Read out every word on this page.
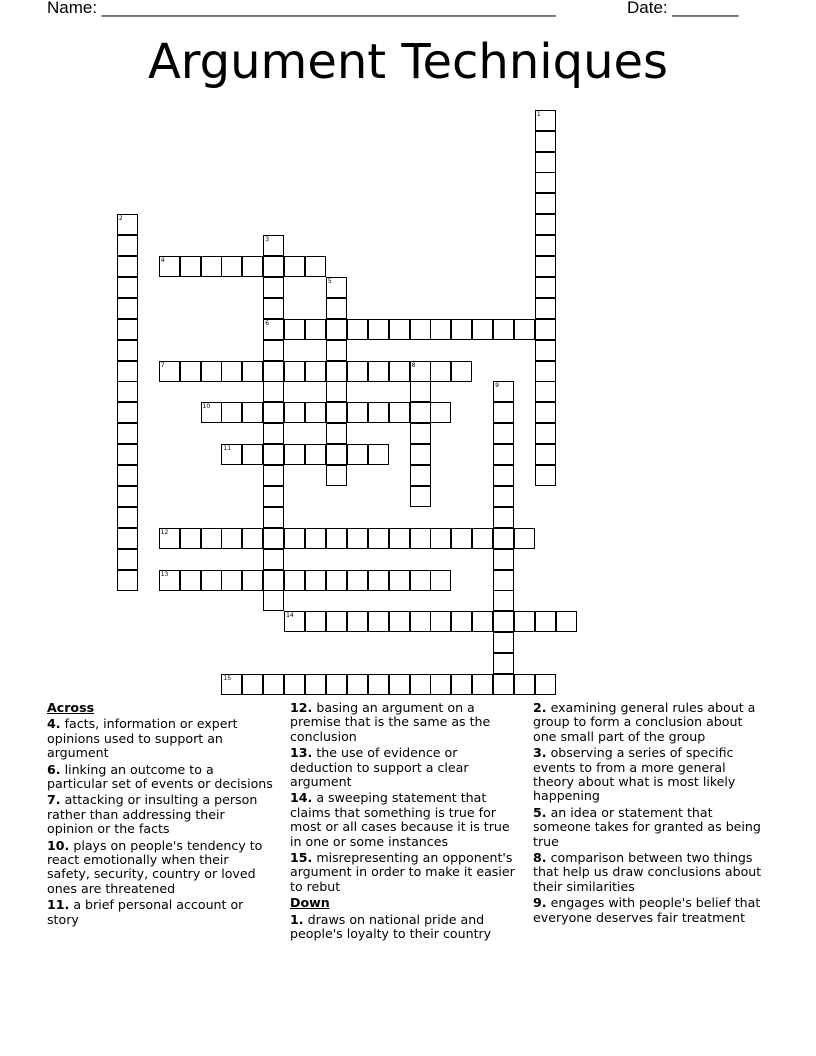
Name: ________________________________________________	Date: _______
Argument Techniques
1
2
3
6
4
5
7	8
9
10
11
12
13
14
15
Across
4. facts, information or expert opinions used to support an argument
6. linking an outcome to a particular set of events or decisions
7. attacking or insulting a person rather than addressing their opinion or the facts
10. plays on people's tendency to react emotionally when their safety, security, country or loved ones are threatened
11. a brief personal account or story
12. basing an argument on a premise that is the same as the conclusion
13. the use of evidence or deduction to support a clear argument
14. a sweeping statement that claims that something is true for most or all cases because it is true in one or some instances
15. misrepresenting an opponent's argument in order to make it easier to rebut
Down
1. draws on national pride and people's loyalty to their country
2. examining general rules about a group to form a conclusion about one small part of the group
3. observing a series of specific events to from a more general theory about what is most likely happening
5. an idea or statement that someone takes for granted as being true
8. comparison between two things that help us draw conclusions about their similarities
9. engages with people's belief that everyone deserves fair treatment
